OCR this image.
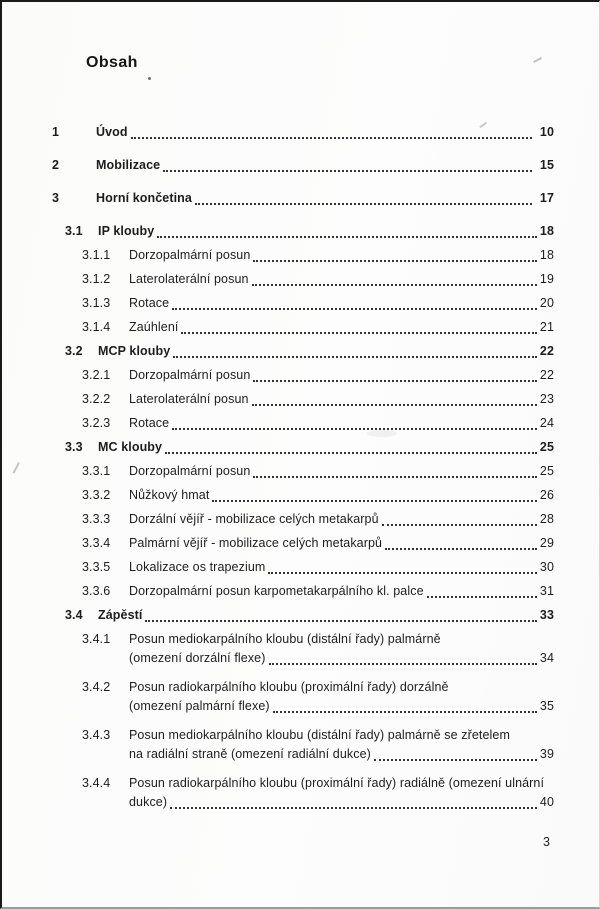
Obsah
1	Úvod	10
2	Mobilizace	15
3	Horní končetina	17
3.1	IP klouby	18
3.1.1	Dorzopalmární posun	18
3.1.2	Laterolaterální posun	19
3.1.3	Rotace	20
3.1.4	Zaúhlení	21
3.2	MCP klouby	22
3.2.1	Dorzopalmární posun	22
3.2.2	Laterolaterální posun	23
3.2.3	Rotace	24
3.3	MC klouby	25
3.3.1	Dorzopalmární posun	25
3.3.2	Nůžkový hmat	26
3.3.3	Dorzální vějíř - mobilizace celých metakarpů	28
3.3.4	Palmární vějíř - mobilizace celých metakarpů	29
3.3.5	Lokalizace os trapezium	30
3.3.6	Dorzopalmární posun karpometakarpálního kl. palce	31
3.4	Zápěstí	33
3.4.1	Posun mediokarpálního kloubu (distální řady) palmárně
(omezení dorzální flexe)	34
3.4.2	Posun radiokarpálního kloubu (proximální řady) dorzálně
(omezení palmární flexe)	35
3.4.3	Posun mediokarpálního kloubu (distální řady) palmárně se zřetelem
na radiální straně (omezení radiální dukce)	39
3.4.4	Posun radiokarpálního kloubu (proximální řady) radiálně (omezení ulnární
dukce)	40
3
